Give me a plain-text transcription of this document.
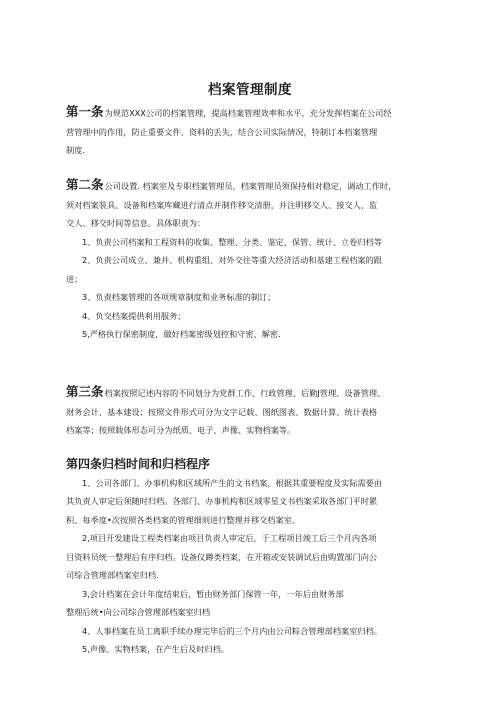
档案管理制度
第一条为规范XXX公司的档案管理，提高档案管理效率和水平，充分发挥档案在公司经
营管理中的作用，防止重要文件、资料的丢失，结合公司实际情况，特制订本档案管理
制度.
第二条公司设置. 档案室及专职档案管理员，档案管理员须保持相对稳定，调动工作时，
须对档案装具、设备和档案库藏进行清点并制作移交清册，并注明移交人、接交人、监
交人、移交时间等信息。具体职责为：
1、负责公司档案和工程资料的收集、整理、分类、鉴定、保管、统计、立卷归档等
2、负责公司成立、兼并、机构重组、对外交往等重大经济活动和基建工程档案的跟
进；
3、负责档案管理的各项规章制度和业务标准的制订；
4、负交档案提供利用服务；
5,严格执行保密制度，做好档案密级划控和守密、解密.
第三条档案按照记述内容的不同划分为党群工作、行政管理、后勤J管理、设备管理、
财务会计、基本建设；按照文件形式可分为文字记载、图纸图表、数据计算、统计表格
档案等；按照载体形态可分为纸质、电子、声像、实物档案等。
第四条归档时间和归档程序
1、公司各部门、办事机构和区域所产生的文书档案，根据其重要程度及实际需要由
其负责人审定后须随时归档。各部门、办事机构和区域零星文书档案采取各部门平时累
积、每季度•次按照各类档案的管理细则进行整理并移交档案室。
2,项目开发建设工程类档案由项目负责人审定后，于工程项目竣工后三个月内各项
目资料员统一整理后有序归档。设备仪蹲类档案，在开箱或安装调试后由购置部门向公
司综合管理部档案室归档.
3,会计档案在会计年度结束后，暂由财务部门保管一年，一年后由财务部
整理后统•向公司综合管理部档案室归档
4、人事档案在员工离职手续办理完毕后的三个月内由公司粽合管理部档案室归档。
5,声像、实物档案，在产生后及时归档。
